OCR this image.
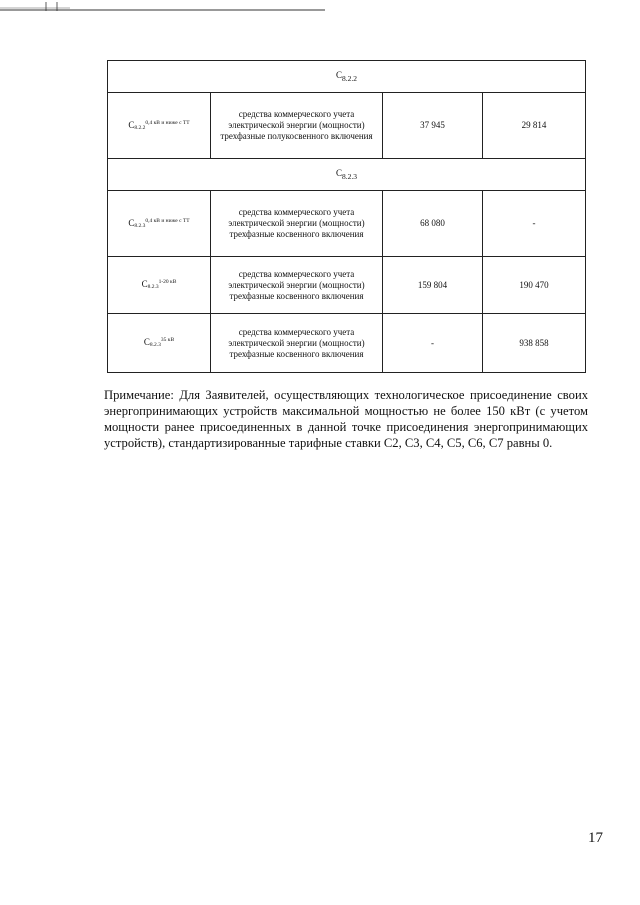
$С_{8.2.2}$
$С_{8.2.2}^{0,4 кВ и ниже с ТТ}$	средства коммерческого учета электрической энергии (мощности) трехфазные полукосвенного включения	37 945	29 814
$С_{8.2.3}$
$С_{8.2.3}^{0,4 кВ и ниже с ТТ}$	средства коммерческого учета электрической энергии (мощности) трехфазные косвенного включения	68 080	-
$С_{8.2.3}^{1-20 кВ}$	средства коммерческого учета электрической энергии (мощности) трехфазные косвенного включения	159 804	190 470
$С_{8.2.3}^{35 кВ}$	средства коммерческого учета электрической энергии (мощности) трехфазные косвенного включения	-	938 858

Примечание: Для Заявителей, осуществляющих технологическое присоединение своих энергопринимающих устройств максимальной мощностью не более 150 кВт (с учетом мощности ранее присоединенных в данной точке присоединения энергопринимающих устройств), стандартизированные тарифные ставки С2, С3, С4, С5, С6, С7 равны 0.

17
